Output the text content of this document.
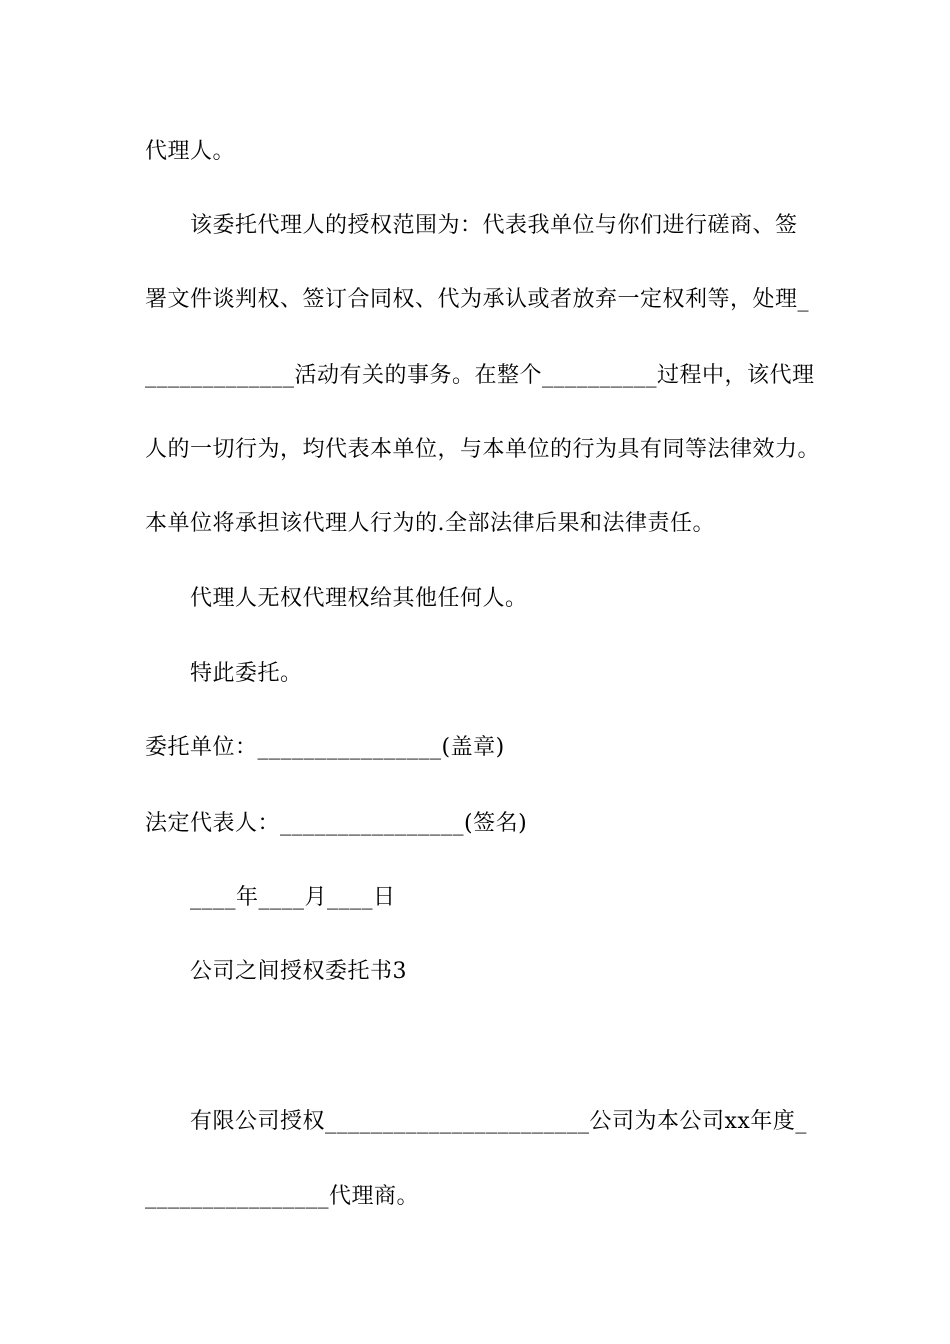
代理人。
该委托代理人的授权范围为：代表我单位与你们进行磋商、签
署文件谈判权、签订合同权、代为承认或者放弃一定权利等，处理_
_____________活动有关的事务。在整个__________过程中，该代理
人的一切行为，均代表本单位，与本单位的行为具有同等法律效力。
本单位将承担该代理人行为的.全部法律后果和法律责任。
代理人无权代理权给其他任何人。
特此委托。
委托单位：________________(盖章)
法定代表人：________________(签名)
____年____月____日
公司之间授权委托书3
有限公司授权_______________________公司为本公司xx年度_
________________代理商。
